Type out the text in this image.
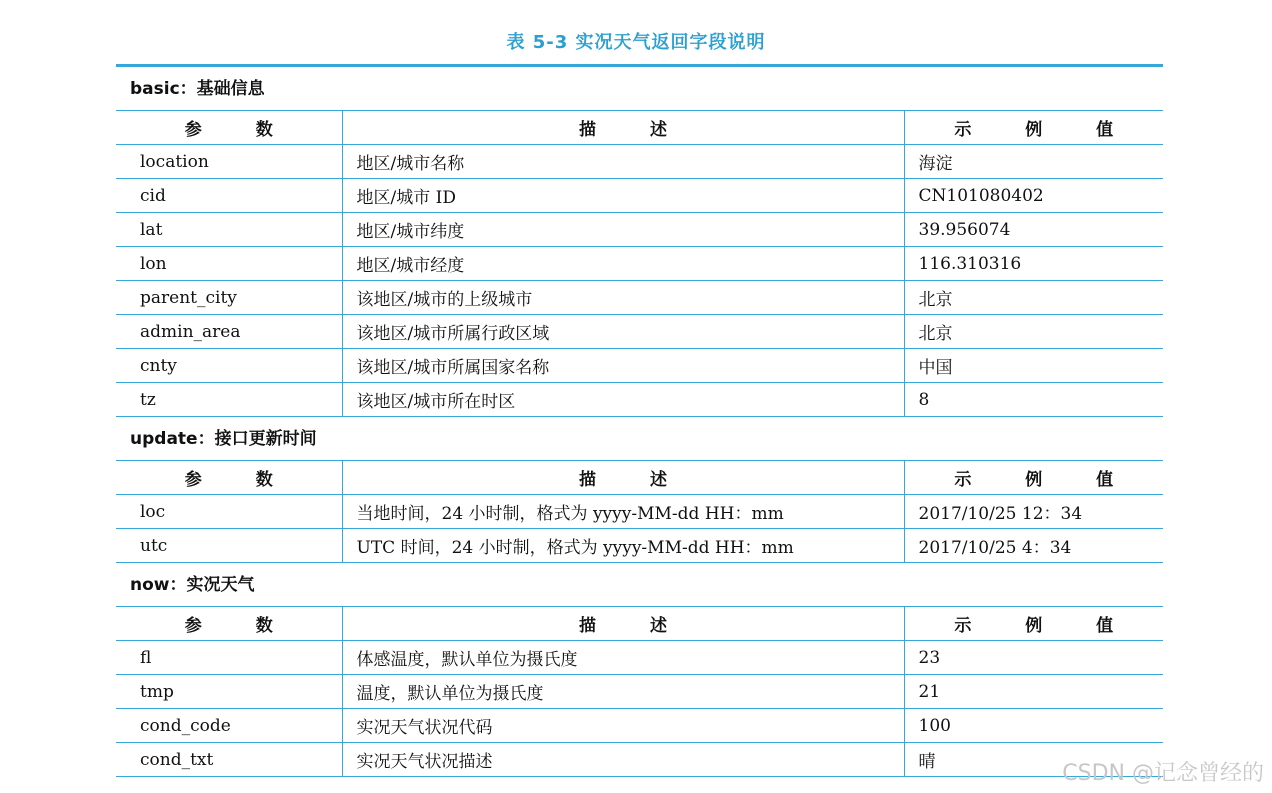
表 5-3 实况天气返回字段说明
basic：基础信息
参 数	描 述	示 例 值
location	地区/城市名称	海淀
cid	地区/城市 ID	CN101080402
lat	地区/城市纬度	39.956074
lon	地区/城市经度	116.310316
parent_city	该地区/城市的上级城市	北京
admin_area	该地区/城市所属行政区域	北京
cnty	该地区/城市所属国家名称	中国
tz	该地区/城市所在时区	8
update：接口更新时间
参 数	描 述	示 例 值
loc	当地时间，24 小时制，格式为 yyyy-MM-dd HH：mm	2017/10/25 12：34
utc	UTC 时间，24 小时制，格式为 yyyy-MM-dd HH：mm	2017/10/25 4：34
now：实况天气
参 数	描 述	示 例 值
fl	体感温度，默认单位为摄氏度	23
tmp	温度，默认单位为摄氏度	21
cond_code	实况天气状况代码	100
cond_txt	实况天气状况描述	晴	CSDN @记念曾经的
